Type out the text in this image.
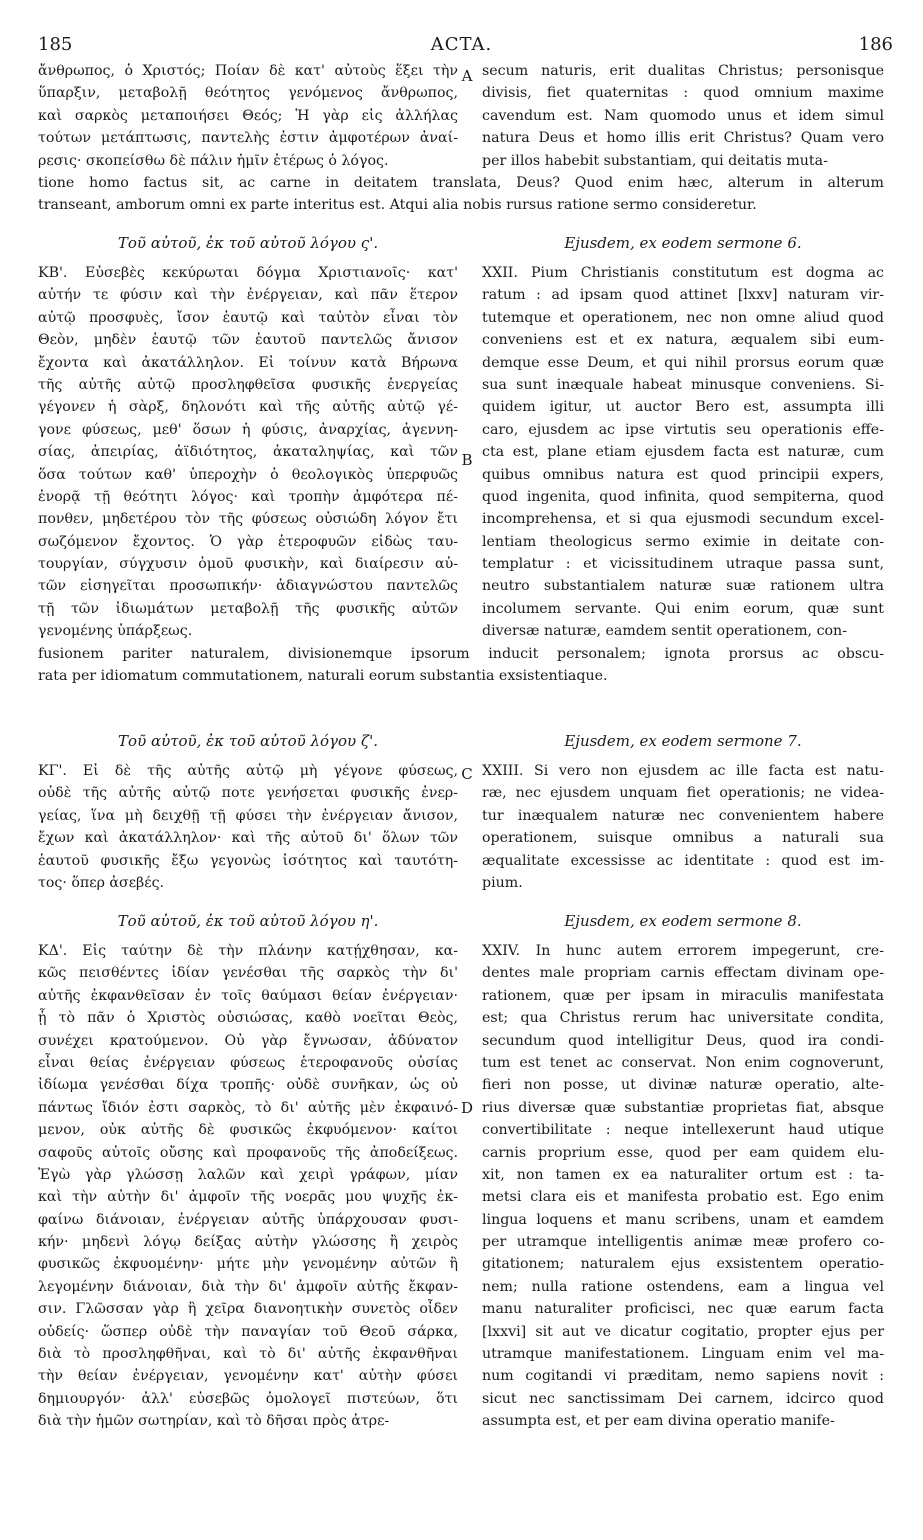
ACTA.
185	186
ἄνθρωπος, ὁ Χριστός; Ποίαν δὲ κατ' αὐτοὺς ἕξει τὴν
ὕπαρξιν, μεταβολῇ θεότητος γενόμενος ἄνθρωπος,
καὶ σαρκὸς μεταποιήσει Θεός; Ἡ γὰρ εἰς ἀλλήλας
τούτων μετάπτωσις, παντελὴς ἐστιν ἀμφοτέρων ἀναί-
ρεσις· σκοπείσθω δὲ πάλιν ἡμῖν ἑτέρως ὁ λόγος.
secum naturis, erit dualitas Christus; personisque
divisis, fiet quaternitas : quod omnium maxime
cavendum est. Nam quomodo unus et idem simul
natura Deus et homo illis erit Christus? Quam vero
per illos habebit substantiam, qui deitatis muta-
A
tione homo factus sit, ac carne in deitatem translata, Deus? Quod enim hæc, alterum in alterum
transeant, amborum omni ex parte interitus est. Atqui alia nobis rursus ratione sermo consideretur.
Τοῦ αὐτοῦ, ἐκ τοῦ αὐτοῦ λόγου ς'.	Ejusdem, ex eodem sermone 6.
ΚΒ'. Εὐσεβὲς κεκύρωται δόγμα Χριστιανοῖς· κατ'
αὐτήν τε φύσιν καὶ τὴν ἐνέργειαν, καὶ πᾶν ἕτερον
αὐτῷ προσφυὲς, ἴσον ἑαυτῷ καὶ ταὐτὸν εἶναι τὸν
Θεὸν, μηδὲν ἑαυτῷ τῶν ἑαυτοῦ παντελῶς ἄνισον
ἔχοντα καὶ ἀκατάλληλον. Εἰ τοίνυν κατὰ Βήρωνα
τῆς αὐτῆς αὐτῷ προσληφθεῖσα φυσικῆς ἐνεργείας
γέγονεν ἡ σὰρξ, δηλονότι καὶ τῆς αὐτῆς αὐτῷ γέ-
γονε φύσεως, μεθ' ὅσων ἡ φύσις, ἀναρχίας, ἀγεννη-
σίας, ἀπειρίας, ἀϊδιότητος, ἀκαταληψίας, καὶ τῶν
ὅσα τούτων καθ' ὑπεροχὴν ὁ θεολογικὸς ὑπερφυῶς
ἐνορᾷ τῇ θεότητι λόγος· καὶ τροπὴν ἀμφότερα πέ-
πονθεν, μηδετέρου τὸν τῆς φύσεως οὐσιώδη λόγον ἔτι
σωζόμενον ἔχοντος. Ὁ γὰρ ἑτεροφυῶν εἰδὼς ταυ-
τουργίαν, σύγχυσιν ὁμοῦ φυσικὴν, καὶ διαίρεσιν αὐ-
τῶν εἰσηγεῖται προσωπικήν· ἀδιαγνώστου παντελῶς
τῇ τῶν ἰδιωμάτων μεταβολῇ τῆς φυσικῆς αὐτῶν
γενομένης ὑπάρξεως.
XXII. Pium Christianis constitutum est dogma ac
ratum : ad ipsam quod attinet [lxxv] naturam vir-
tutemque et operationem, nec non omne aliud quod
conveniens est et ex natura, æqualem sibi eum-
demque esse Deum, et qui nihil prorsus eorum quæ
sua sunt inæquale habeat minusque conveniens. Si-
quidem igitur, ut auctor Bero est, assumpta illi
caro, ejusdem ac ipse virtutis seu operationis effe-
cta est, plane etiam ejusdem facta est naturæ, cum
quibus omnibus natura est quod principii expers,
quod ingenita, quod infinita, quod sempiterna, quod
incomprehensa, et si qua ejusmodi secundum excel-
lentiam theologicus sermo eximie in deitate con-
templatur : et vicissitudinem utraque passa sunt,
neutro substantialem naturæ suæ rationem ultra
incolumem servante. Qui enim eorum, quæ sunt
diversæ naturæ, eamdem sentit operationem, con-
B
fusionem pariter naturalem, divisionemque ipsorum inducit personalem; ignota prorsus ac obscu-
rata per idiomatum commutationem, naturali eorum substantia exsistentiaque.
Τοῦ αὐτοῦ, ἐκ τοῦ αὐτοῦ λόγου ζ'.	Ejusdem, ex eodem sermone 7.
ΚΓ'. Εἰ δὲ τῆς αὐτῆς αὐτῷ μὴ γέγονε φύσεως,
οὐδὲ τῆς αὐτῆς αὐτῷ ποτε γενήσεται φυσικῆς ἐνερ-
γείας, ἵνα μὴ δειχθῇ τῇ φύσει τὴν ἐνέργειαν ἄνισον,
ἔχων καὶ ἀκατάλληλον· καὶ τῆς αὐτοῦ δι' ὅλων τῶν
ἑαυτοῦ φυσικῆς ἔξω γεγονὼς ἰσότητος καὶ ταυτότη-
τος· ὅπερ ἀσεβές.
XXIII. Si vero non ejusdem ac ille facta est natu-
ræ, nec ejusdem unquam fiet operationis; ne videa-
tur inæqualem naturæ nec convenientem habere
operationem, suisque omnibus a naturali sua
æqualitate excessisse ac identitate : quod est im-
pium.
C
Τοῦ αὐτοῦ, ἐκ τοῦ αὐτοῦ λόγου η'.	Ejusdem, ex eodem sermone 8.
ΚΔ'. Εἰς ταύτην δὲ τὴν πλάνην κατῄχθησαν, κα-
κῶς πεισθέντες ἰδίαν γενέσθαι τῆς σαρκὸς τὴν δι'
αὐτῆς ἐκφανθεῖσαν ἐν τοῖς θαύμασι θείαν ἐνέργειαν·
ᾗ τὸ πᾶν ὁ Χριστὸς οὐσιώσας, καθὸ νοεῖται Θεὸς,
συνέχει κρατούμενον. Οὐ γὰρ ἔγνωσαν, ἀδύνατον
εἶναι θείας ἐνέργειαν φύσεως ἑτεροφανοῦς οὐσίας
ἰδίωμα γενέσθαι δίχα τροπῆς· οὐδὲ συνῆκαν, ὡς οὐ
πάντως ἴδιόν ἐστι σαρκὸς, τὸ δι' αὐτῆς μὲν ἐκφαινό-
μενον, οὐκ αὐτῆς δὲ φυσικῶς ἐκφυόμενον· καίτοι
σαφοῦς αὐτοῖς οὔσης καὶ προφανοῦς τῆς ἀποδείξεως.
Ἐγὼ γὰρ γλώσσῃ λαλῶν καὶ χειρὶ γράφων, μίαν
καὶ τὴν αὐτὴν δι' ἀμφοῖν τῆς νοερᾶς μου ψυχῆς ἐκ-
φαίνω διάνοιαν, ἐνέργειαν αὐτῆς ὑπάρχουσαν φυσι-
κήν· μηδενὶ λόγῳ δείξας αὐτὴν γλώσσης ἢ χειρὸς
φυσικῶς ἐκφυομένην· μήτε μὴν γενομένην αὐτῶν ἢ
λεγομένην διάνοιαν, διὰ τὴν δι' ἀμφοῖν αὐτῆς ἔκφαν-
σιν. Γλῶσσαν γὰρ ἢ χεῖρα διανοητικὴν συνετὸς οἶδεν
οὐδείς· ὥσπερ οὐδὲ τὴν παναγίαν τοῦ Θεοῦ σάρκα,
διὰ τὸ προσληφθῆναι, καὶ τὸ δι' αὐτῆς ἐκφανθῆναι
τὴν θείαν ἐνέργειαν, γενομένην κατ' αὐτὴν φύσει
δημιουργόν· ἀλλ' εὐσεβῶς ὁμολογεῖ πιστεύων, ὅτι
διὰ τὴν ἡμῶν σωτηρίαν, καὶ τὸ δῆσαι πρὸς ἀτρε-
XXIV. In hunc autem errorem impegerunt, cre-
dentes male propriam carnis effectam divinam ope-
rationem, quæ per ipsam in miraculis manifestata
est; qua Christus rerum hac universitate condita,
secundum quod intelligitur Deus, quod ira condi-
tum est tenet ac conservat. Non enim cognoverunt,
fieri non posse, ut divinæ naturæ operatio, alte-
rius diversæ quæ substantiæ proprietas fiat, absque
convertibilitate : neque intellexerunt haud utique
carnis proprium esse, quod per eam quidem elu-
xit, non tamen ex ea naturaliter ortum est : ta-
metsi clara eis et manifesta probatio est. Ego enim
lingua loquens et manu scribens, unam et eamdem
per utramque intelligentis animæ meæ profero co-
gitationem; naturalem ejus exsistentem operatio-
nem; nulla ratione ostendens, eam a lingua vel
manu naturaliter proficisci, nec quæ earum facta
[lxxvi] sit aut ve dicatur cogitatio, propter ejus per
utramque manifestationem. Linguam enim vel ma-
num cogitandi vi præditam, nemo sapiens novit :
sicut nec sanctissimam Dei carnem, idcirco quod
assumpta est, et per eam divina operatio manife-
D
